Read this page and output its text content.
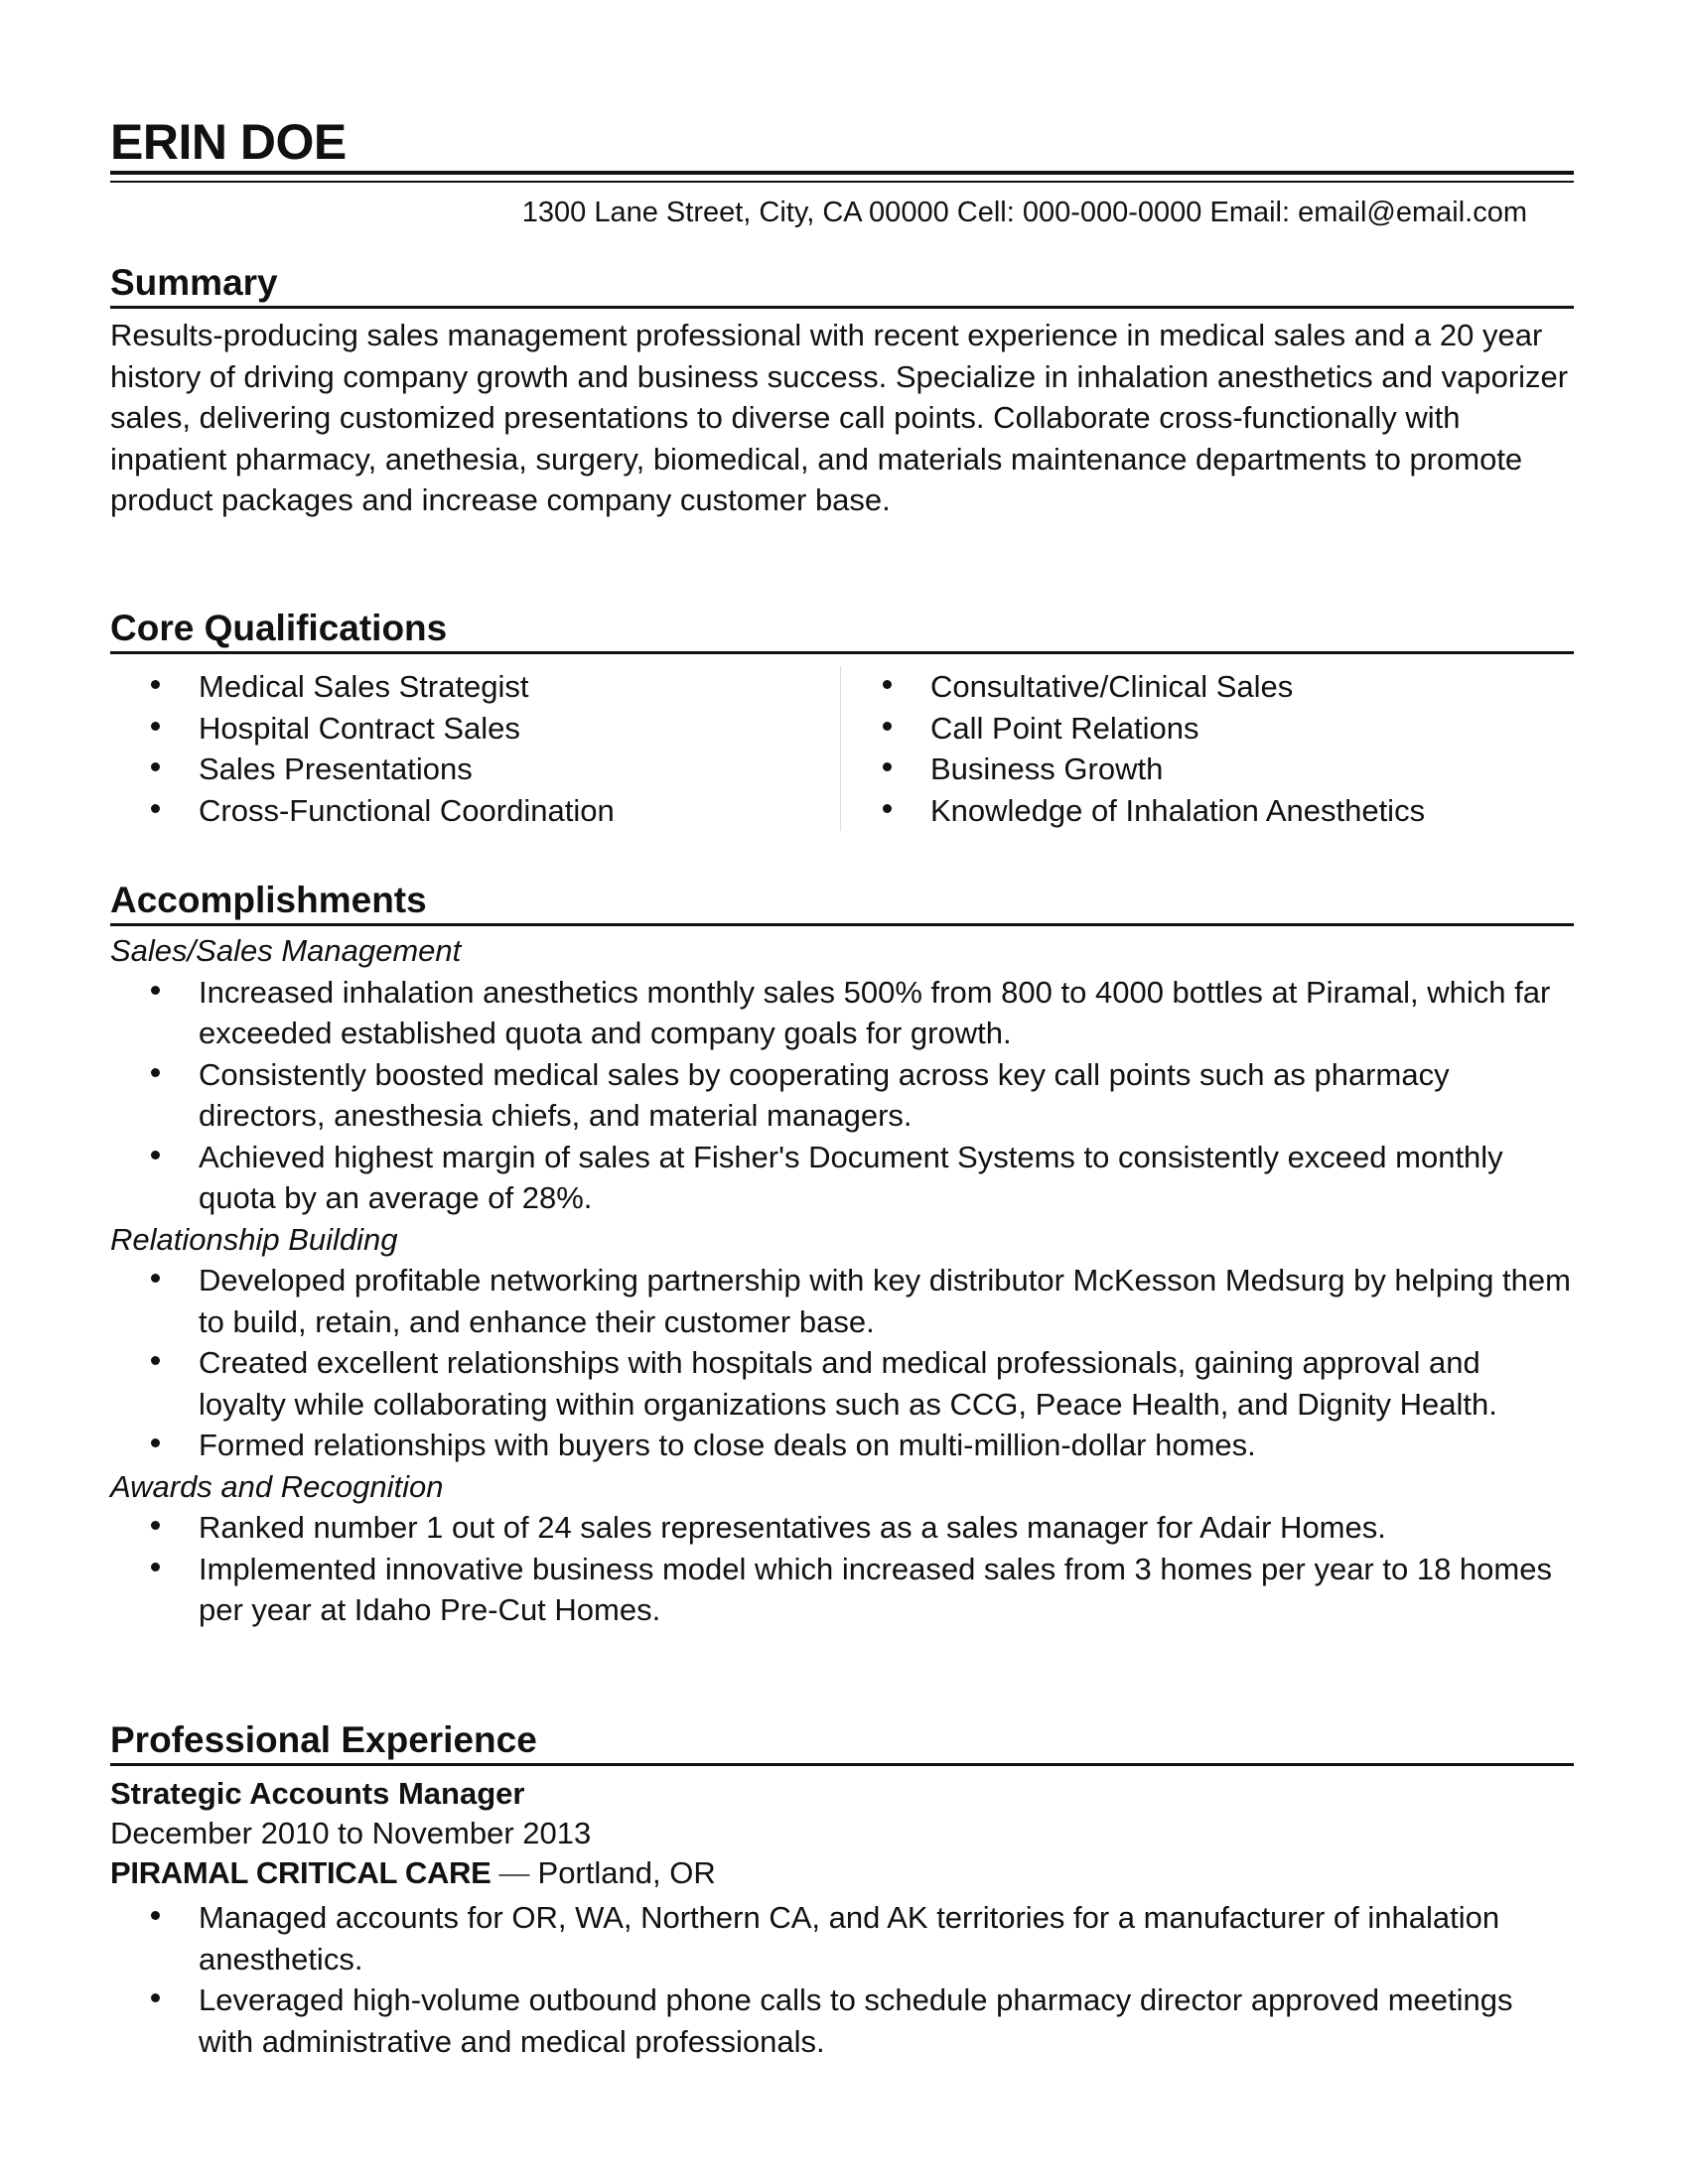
ERIN DOE
1300 Lane Street, City, CA 00000 Cell: 000-000-0000 Email: email@email.com
Summary
Results-producing sales management professional with recent experience in medical sales and a 20 year history of driving company growth and business success. Specialize in inhalation anesthetics and vaporizer sales, delivering customized presentations to diverse call points. Collaborate cross-functionally with inpatient pharmacy, anethesia, surgery, biomedical, and materials maintenance departments to promote product packages and increase company customer base.
Core Qualifications
Medical Sales Strategist
Hospital Contract Sales
Sales Presentations
Cross-Functional Coordination
Consultative/Clinical Sales
Call Point Relations
Business Growth
Knowledge of Inhalation Anesthetics
Accomplishments
Sales/Sales Management
Increased inhalation anesthetics monthly sales 500% from 800 to 4000 bottles at Piramal, which far exceeded established quota and company goals for growth.
Consistently boosted medical sales by cooperating across key call points such as pharmacy directors, anesthesia chiefs, and material managers.
Achieved highest margin of sales at Fisher's Document Systems to consistently exceed monthly quota by an average of 28%.
Relationship Building
Developed profitable networking partnership with key distributor McKesson Medsurg by helping them to build, retain, and enhance their customer base.
Created excellent relationships with hospitals and medical professionals, gaining approval and loyalty while collaborating within organizations such as CCG, Peace Health, and Dignity Health.
Formed relationships with buyers to close deals on multi-million-dollar homes.
Awards and Recognition
Ranked number 1 out of 24 sales representatives as a sales manager for Adair Homes.
Implemented innovative business model which increased sales from 3 homes per year to 18 homes per year at Idaho Pre-Cut Homes.
Professional Experience
Strategic Accounts Manager
December 2010 to November 2013
PIRAMAL CRITICAL CARE — Portland, OR
Managed accounts for OR, WA, Northern CA, and AK territories for a manufacturer of inhalation anesthetics.
Leveraged high-volume outbound phone calls to schedule pharmacy director approved meetings with administrative and medical professionals.
